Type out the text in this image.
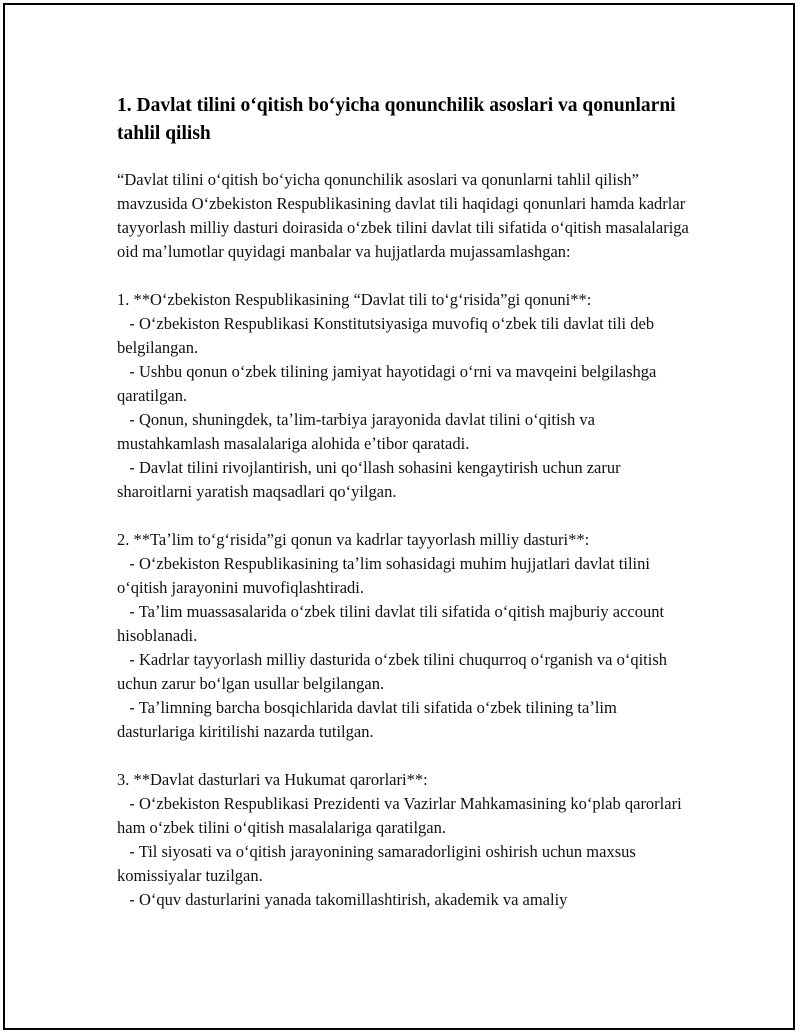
1. Davlat tilini oʻqitish boʻyicha qonunchilik asoslari va qonunlarni tahlil qilish

“Davlat tilini oʻqitish boʻyicha qonunchilik asoslari va qonunlarni tahlil qilish” mavzusida Oʻzbekiston Respublikasining davlat tili haqidagi qonunlari hamda kadrlar tayyorlash milliy dasturi doirasida oʻzbek tilini davlat tili sifatida oʻqitish masalalariga oid maʼlumotlar quyidagi manbalar va hujjatlarda mujassamlashgan:

1. **Oʻzbekiston Respublikasining “Davlat tili toʻgʻrisida”gi qonuni**:
- Oʻzbekiston Respublikasi Konstitutsiyasiga muvofiq oʻzbek tili davlat tili deb belgilangan.
- Ushbu qonun oʻzbek tilining jamiyat hayotidagi oʻrni va mavqeini belgilashga qaratilgan.
- Qonun, shuningdek, taʼlim-tarbiya jarayonida davlat tilini oʻqitish va mustahkamlash masalalariga alohida eʼtibor qaratadi.
- Davlat tilini rivojlantirish, uni qoʻllash sohasini kengaytirish uchun zarur sharoitlarni yaratish maqsadlari qoʻyilgan.
2. **Taʼlim toʻgʻrisida”gi qonun va kadrlar tayyorlash milliy dasturi**:
- Oʻzbekiston Respublikasining taʼlim sohasidagi muhim hujjatlari davlat tilini oʻqitish jarayonini muvofiqlashtiradi.
- Taʼlim muassasalarida oʻzbek tilini davlat tili sifatida oʻqitish majburiy account hisoblanadi.
- Kadrlar tayyorlash milliy dasturida oʻzbek tilini chuqurroq oʻrganish va oʻqitish uchun zarur boʻlgan usullar belgilangan.
- Taʼlimning barcha bosqichlarida davlat tili sifatida oʻzbek tilining taʼlim dasturlariga kiritilishi nazarda tutilgan.
3. **Davlat dasturlari va Hukumat qarorlari**:
- Oʻzbekiston Respublikasi Prezidenti va Vazirlar Mahkamasining koʻplab qarorlari ham oʻzbek tilini oʻqitish masalalariga qaratilgan.
- Til siyosati va oʻqitish jarayonining samaradorligini oshirish uchun maxsus komissiyalar tuzilgan.
- Oʻquv dasturlarini yanada takomillashtirish, akademik va amaliy
